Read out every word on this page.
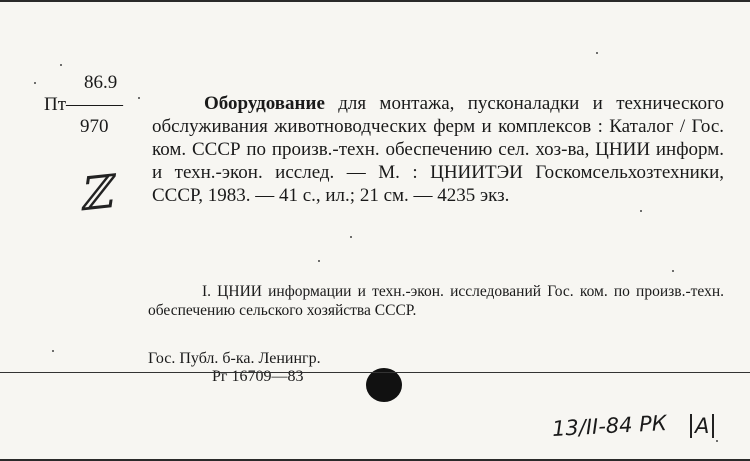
86.9
Пт———
970
ℤ
Оборудование для монтажа, пусконаладки и технического обслуживания животноводческих ферм и комплексов : Каталог / Гос. ком. СССР по произв.-техн. обеспечению сел. хоз-ва, ЦНИИ информ. и техн.-экон. исслед. — М. : ЦНИИТЭИ Госкомсельхозтехники, СССР, 1983. — 41 с., ил.; 21 см. — 4235 экз.
I. ЦНИИ информации и техн.-экон. исследований Гос. ком. по произв.-техн. обеспечению сельского хозяйства СССР.
Гос. Публ. б-ка. Ленингр.
Рг 16709—83
13/II-84 РК А
